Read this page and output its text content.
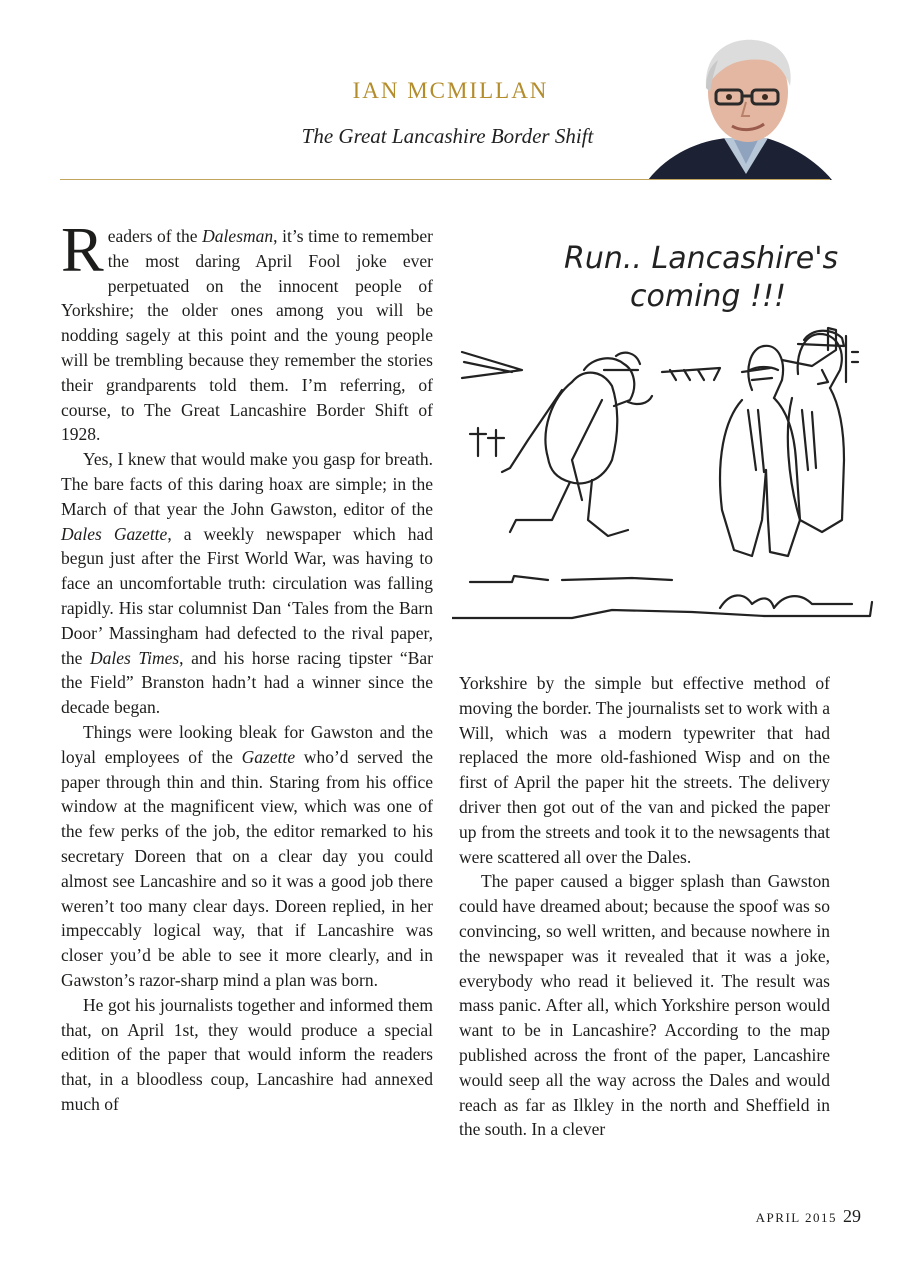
IAN MCMILLAN
The Great Lancashire Border Shift

Readers of the Dalesman, it’s time to remember the most daring April Fool joke ever perpetuated on the innocent people of Yorkshire; the older ones among you will be nodding sagely at this point and the young people will be trembling because they remember the stories their grandparents told them. I’m referring, of course, to The Great Lancashire Border Shift of 1928.

Yes, I knew that would make you gasp for breath. The bare facts of this daring hoax are simple; in the March of that year the John Gawston, editor of the Dales Gazette, a weekly newspaper which had begun just after the First World War, was having to face an uncomfortable truth: circulation was falling rapidly. His star columnist Dan ‘Tales from the Barn Door’ Massingham had defected to the rival paper, the Dales Times, and his horse racing tipster “Bar the Field” Branston hadn’t had a winner since the decade began.

Things were looking bleak for Gawston and the loyal employees of the Gazette who’d served the paper through thin and thin. Staring from his office window at the magnificent view, which was one of the few perks of the job, the editor remarked to his secretary Doreen that on a clear day you could almost see Lancashire and so it was a good job there weren’t too many clear days. Doreen replied, in her impeccably logical way, that if Lancashire was closer you’d be able to see it more clearly, and in Gawston’s razor-sharp mind a plan was born.

He got his journalists together and informed them that, on April 1st, they would produce a special edition of the paper that would inform the readers that, in a bloodless coup, Lancashire had annexed much of

Run.. Lancashire's
coming !!!

Yorkshire by the simple but effective method of moving the border. The journalists set to work with a Will, which was a modern typewriter that had replaced the more old-fashioned Wisp and on the first of April the paper hit the streets. The delivery driver then got out of the van and picked the paper up from the streets and took it to the newsagents that were scattered all over the Dales.

The paper caused a bigger splash than Gawston could have dreamed about; because the spoof was so convincing, so well written, and because nowhere in the newspaper was it revealed that it was a joke, everybody who read it believed it. The result was mass panic. After all, which Yorkshire person would want to be in Lancashire? According to the map published across the front of the paper, Lancashire would seep all the way across the Dales and would reach as far as Ilkley in the north and Sheffield in the south. In a clever

APRIL 2015 29
